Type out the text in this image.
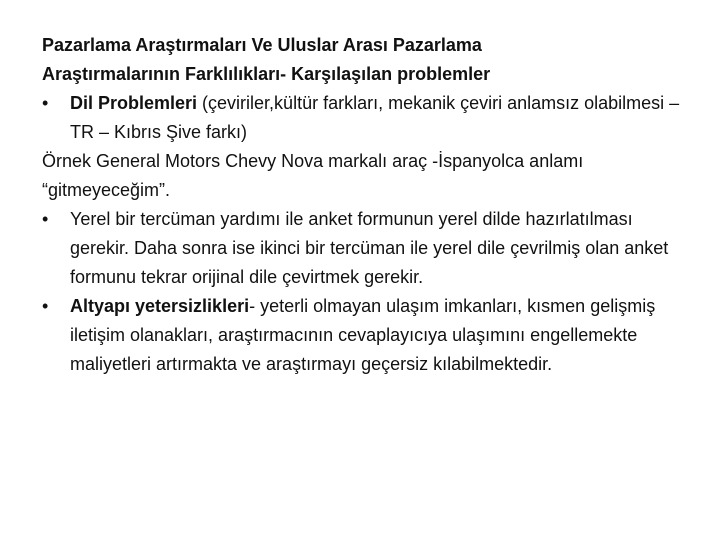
Pazarlama Araştırmaları Ve Uluslar Arası Pazarlama
Araştırmalarının Farklılıkları- Karşılaşılan problemler
•	Dil Problemleri (çeviriler,kültür farkları, mekanik çeviri anlamsız olabilmesi – TR – Kıbrıs Şive farkı)
Örnek General Motors Chevy Nova markalı araç -İspanyolca anlamı “gitmeyeceğim”.
•	Yerel bir tercüman yardımı ile anket formunun yerel dilde hazırlatılması gerekir. Daha sonra ise ikinci bir tercüman ile yerel dile çevrilmiş olan anket formunu tekrar orijinal dile çevirtmek gerekir.
•	Altyapı yetersizlikleri- yeterli olmayan ulaşım imkanları, kısmen gelişmiş iletişim olanakları, araştırmacının cevaplayıcıya ulaşımını engellemekte maliyetleri artırmakta ve araştırmayı geçersiz kılabilmektedir.
